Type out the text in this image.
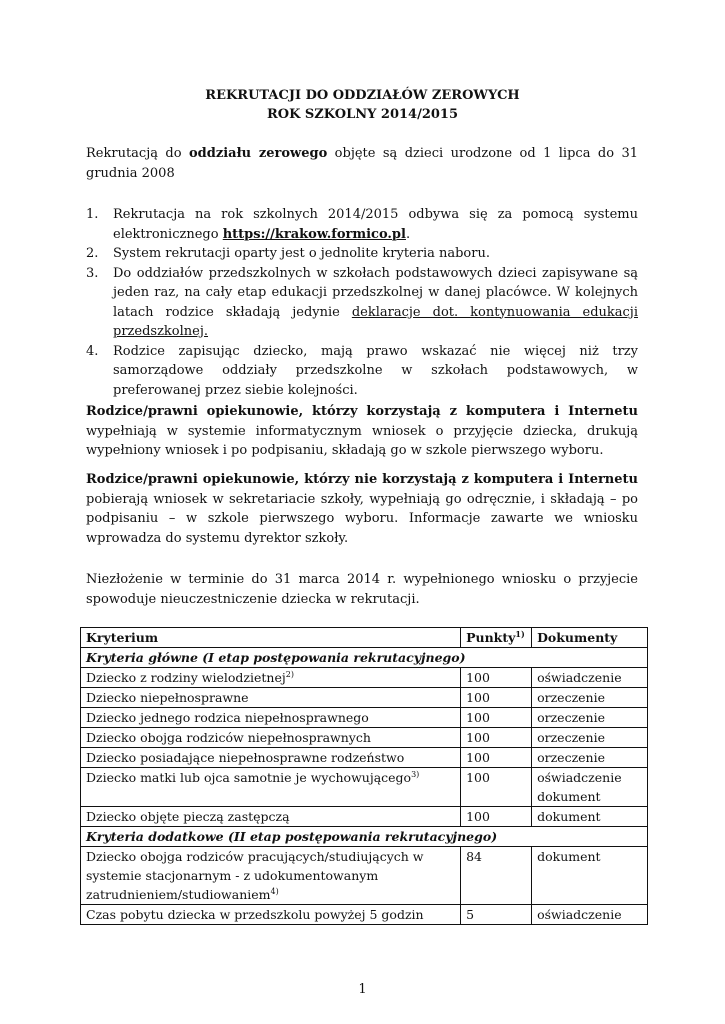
REKRUTACJI DO ODDZIAŁÓW ZEROWYCH
ROK SZKOLNY 2014/2015
Rekrutacją do oddziału zerowego objęte są dzieci urodzone od 1 lipca do 31 grudnia 2008
1. Rekrutacja na rok szkolnych 2014/2015 odbywa się za pomocą systemu elektronicznego https://krakow.formico.pl.
2. System rekrutacji oparty jest o jednolite kryteria naboru.
3. Do oddziałów przedszkolnych w szkołach podstawowych dzieci zapisywane są jeden raz, na cały etap edukacji przedszkolnej w danej placówce. W kolejnych latach rodzice składają jedynie deklaracje dot. kontynuowania edukacji przedszkolnej.
4. Rodzice zapisując dziecko, mają prawo wskazać nie więcej niż trzy samorządowe oddziały przedszkolne w szkołach podstawowych, w preferowanej przez siebie kolejności.
Rodzice/prawni opiekunowie, którzy korzystają z komputera i Internetu wypełniają w systemie informatycznym wniosek o przyjęcie dziecka, drukują wypełniony wniosek i po podpisaniu, składają go w szkole pierwszego wyboru.
Rodzice/prawni opiekunowie, którzy nie korzystają z komputera i Internetu pobierają wniosek w sekretariacie szkoły, wypełniają go odręcznie, i składają – po podpisaniu – w szkole pierwszego wyboru. Informacje zawarte we wniosku wprowadza do systemu dyrektor szkoły.
Niezłożenie w terminie do 31 marca 2014 r. wypełnionego wniosku o przyjecie spowoduje nieuczestniczenie dziecka w rekrutacji.
Kryterium	Punkty$^{1)}$	Dokumenty
Kryteria główne (I etap postępowania rekrutacyjnego)		
Dziecko z rodziny wielodzietnej$^{2)}$	100	oświadczenie
Dziecko niepełnosprawne	100	orzeczenie
Dziecko jednego rodzica niepełnosprawnego	100	orzeczenie
Dziecko obojga rodziców niepełnosprawnych	100	orzeczenie
Dziecko posiadające niepełnosprawne rodzeństwo	100	orzeczenie
Dziecko matki lub ojca samotnie je wychowującego$^{3)}$	100	oświadczenie dokument
Dziecko objęte pieczą zastępczą	100	dokument
Kryteria dodatkowe (II etap postępowania rekrutacyjnego)		
Dziecko obojga rodziców pracujących/studiujących w systemie stacjonarnym - z udokumentowanym zatrudnieniem/studiowaniem$^{4)}$	84	dokument
Czas pobytu dziecka w przedszkolu powyżej 5 godzin	5	oświadczenie
1
